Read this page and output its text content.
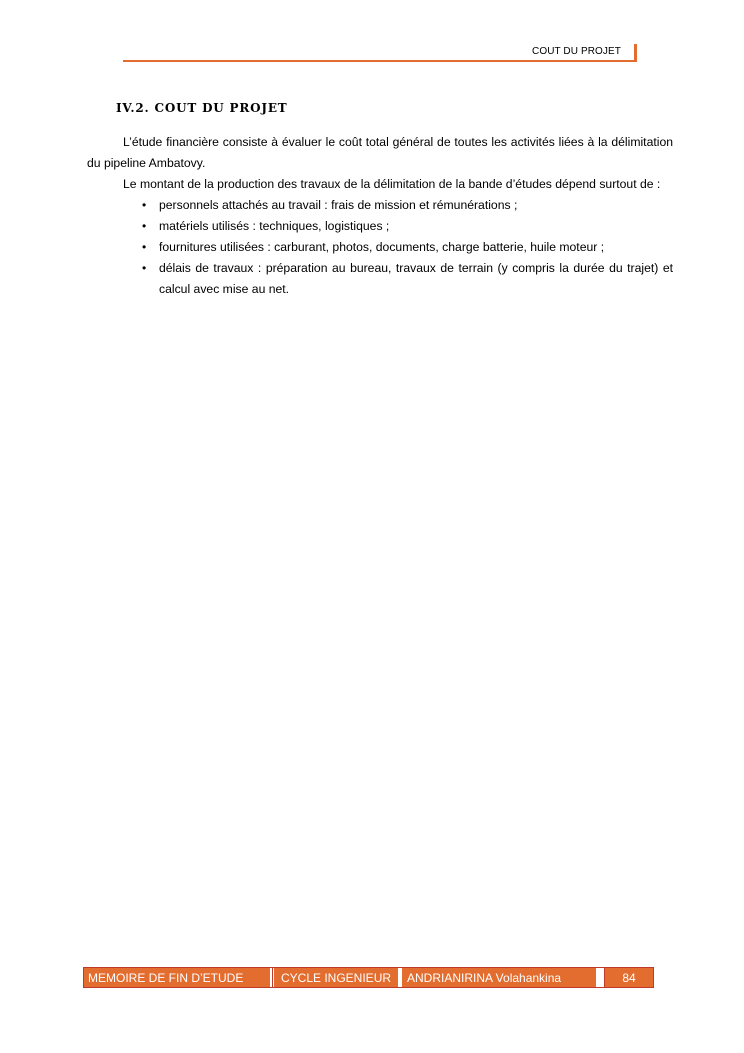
COUT DU PROJET
IV.2. COUT DU PROJET

L’étude financière consiste à évaluer le coût total général de toutes les activités liées à la délimitation du pipeline Ambatovy.

Le montant de la production des travaux de la délimitation de la bande d’études dépend surtout de :

• personnels attachés au travail : frais de mission et rémunérations ;
• matériels utilisés : techniques, logistiques ;
• fournitures utilisées : carburant, photos, documents, charge batterie, huile moteur ;
• délais de travaux : préparation au bureau, travaux de terrain (y compris la durée du trajet) et calcul avec mise au net.
MEMOIRE DE FIN D’ETUDE	CYCLE INGENIEUR	ANDRIANIRINA Volahankina	84
